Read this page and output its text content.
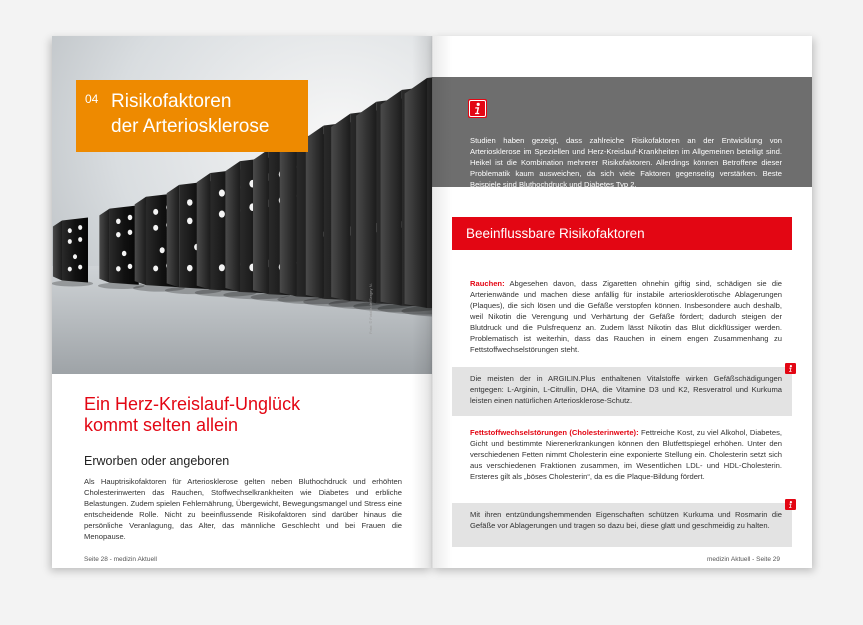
Foto: © Fotolia.de/Sergey N.
04 Risikofaktoren
der Arteriosklerose
Ein Herz-Kreislauf-Unglück
kommt selten allein
Erworben oder angeboren

Als Hauptrisikofaktoren für Arteriosklerose gelten neben Bluthochdruck und erhöhten Cholesterinwerten das Rauchen, Stoffwechselkrankheiten wie Diabetes und erbliche Belastungen. Zudem spielen Fehlernährung, Übergewicht, Bewegungsmangel und Stress eine entscheidende Rolle. Nicht zu beeinflussende Risikofaktoren sind darüber hinaus die persönliche Veranlagung, das Alter, das männliche Geschlecht und bei Frauen die Menopause.

Seite 28 - medizin Aktuell

Studien haben gezeigt, dass zahlreiche Risikofaktoren an der Entwicklung von Arteriosklerose im Speziellen und Herz-Kreislauf-Krankheiten im Allgemeinen beteiligt sind. Heikel ist die Kombination mehrerer Risikofaktoren. Allerdings können Betroffene dieser Problematik kaum ausweichen, da sich viele Faktoren gegenseitig verstärken. Beste Beispiele sind Bluthochdruck und Diabetes Typ 2.

Beeinflussbare Risikofaktoren

Rauchen: Abgesehen davon, dass Zigaretten ohnehin giftig sind, schädigen sie die Arterienwände und machen diese anfällig für instabile arteriosklerotische Ablagerungen (Plaques), die sich lösen und die Gefäße verstopfen können. Insbesondere auch deshalb, weil Nikotin die Verengung und Verhärtung der Gefäße fördert; dadurch steigen der Blutdruck und die Pulsfrequenz an. Zudem lässt Nikotin das Blut dickflüssiger werden. Problematisch ist weiterhin, dass das Rauchen in einem engen Zusammenhang zu Fettstoffwechselstörungen steht.

Die meisten der in ARGILIN.Plus enthaltenen Vitalstoffe wirken Gefäßschädigungen entgegen: L-Arginin, L-Citrullin, DHA, die Vitamine D3 und K2, Resveratrol und Kurkuma leisten einen natürlichen Arteriosklerose-Schutz.

Fettstoffwechselstörungen (Cholesterinwerte): Fettreiche Kost, zu viel Alkohol, Diabetes, Gicht und bestimmte Nierenerkrankungen können den Blutfettspiegel erhöhen. Unter den verschiedenen Fetten nimmt Cholesterin eine exponierte Stellung ein. Cholesterin setzt sich aus verschiedenen Fraktionen zusammen, im Wesentlichen LDL- und HDL-Cholesterin. Ersteres gilt als „böses Cholesterin“, da es die Plaque-Bildung fördert.

Mit ihren entzündungshemmenden Eigenschaften schützen Kurkuma und Rosmarin die Gefäße vor Ablagerungen und tragen so dazu bei, diese glatt und geschmeidig zu halten.

medizin Aktuell - Seite 29
